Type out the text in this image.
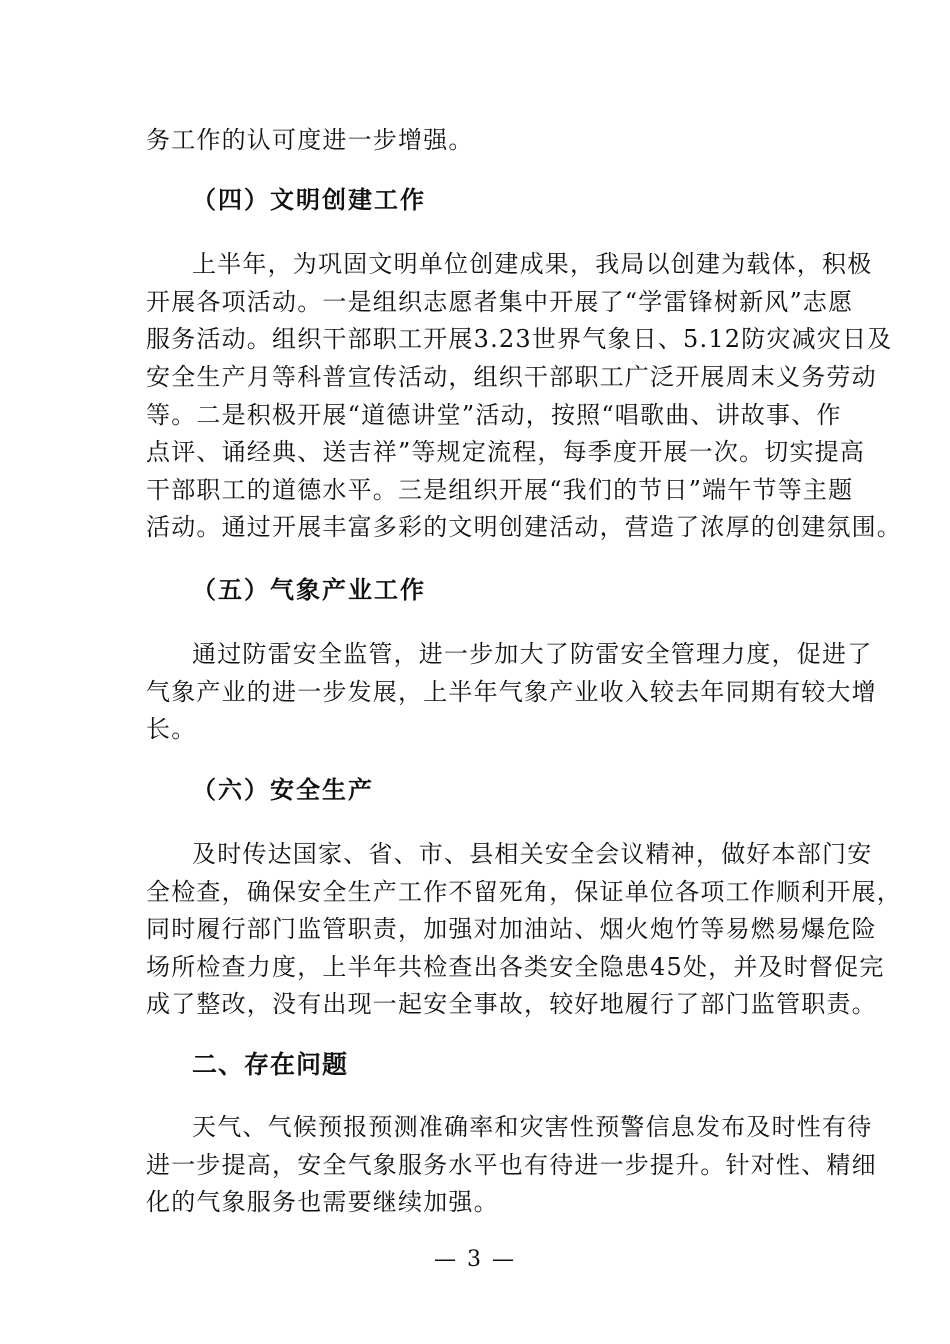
务工作的认可度进一步增强。
（四）文明创建工作
上半年，为巩固文明单位创建成果，我局以创建为载体，积极
开展各项活动。一是组织志愿者集中开展了“学雷锋树新风”志愿
服务活动。组织干部职工开展3.23世界气象日、5.12防灾减灾日及
安全生产月等科普宣传活动，组织干部职工广泛开展周末义务劳动
等。二是积极开展“道德讲堂”活动，按照“唱歌曲、讲故事、作
点评、诵经典、送吉祥”等规定流程，每季度开展一次。切实提高
干部职工的道德水平。三是组织开展“我们的节日”端午节等主题
活动。通过开展丰富多彩的文明创建活动，营造了浓厚的创建氛围。
（五）气象产业工作
通过防雷安全监管，进一步加大了防雷安全管理力度，促进了
气象产业的进一步发展，上半年气象产业收入较去年同期有较大增
长。
（六）安全生产
及时传达国家、省、市、县相关安全会议精神，做好本部门安
全检查，确保安全生产工作不留死角，保证单位各项工作顺利开展，
同时履行部门监管职责，加强对加油站、烟火炮竹等易燃易爆危险
场所检查力度，上半年共检查出各类安全隐患45处，并及时督促完
成了整改，没有出现一起安全事故，较好地履行了部门监管职责。
二、存在问题
天气、气候预报预测准确率和灾害性预警信息发布及时性有待
进一步提高，安全气象服务水平也有待进一步提升。针对性、精细
化的气象服务也需要继续加强。
— 3 —
